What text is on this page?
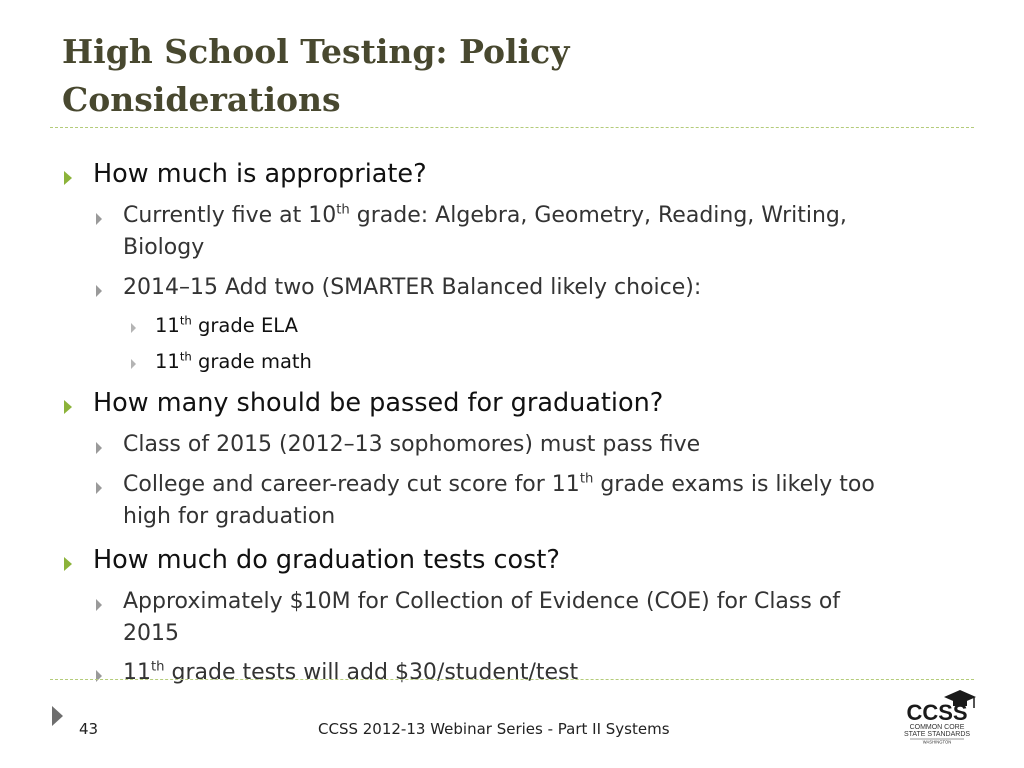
High School Testing: Policy
Considerations
How much is appropriate?
Currently five at 10th grade: Algebra, Geometry, Reading, Writing,
Biology
2014–15 Add two (SMARTER Balanced likely choice):
11th grade ELA
11th grade math
How many should be passed for graduation?
Class of 2015 (2012–13 sophomores) must pass five
College and career-ready cut score for 11th grade exams is likely too
high for graduation
How much do graduation tests cost?
Approximately $10M for Collection of Evidence (COE) for Class of
2015
11th grade tests will add $30/student/test
43	CCSS 2012-13 Webinar Series - Part II Systems
CCSS
COMMON CORE
STATE STANDARDS
WASHINGTON
